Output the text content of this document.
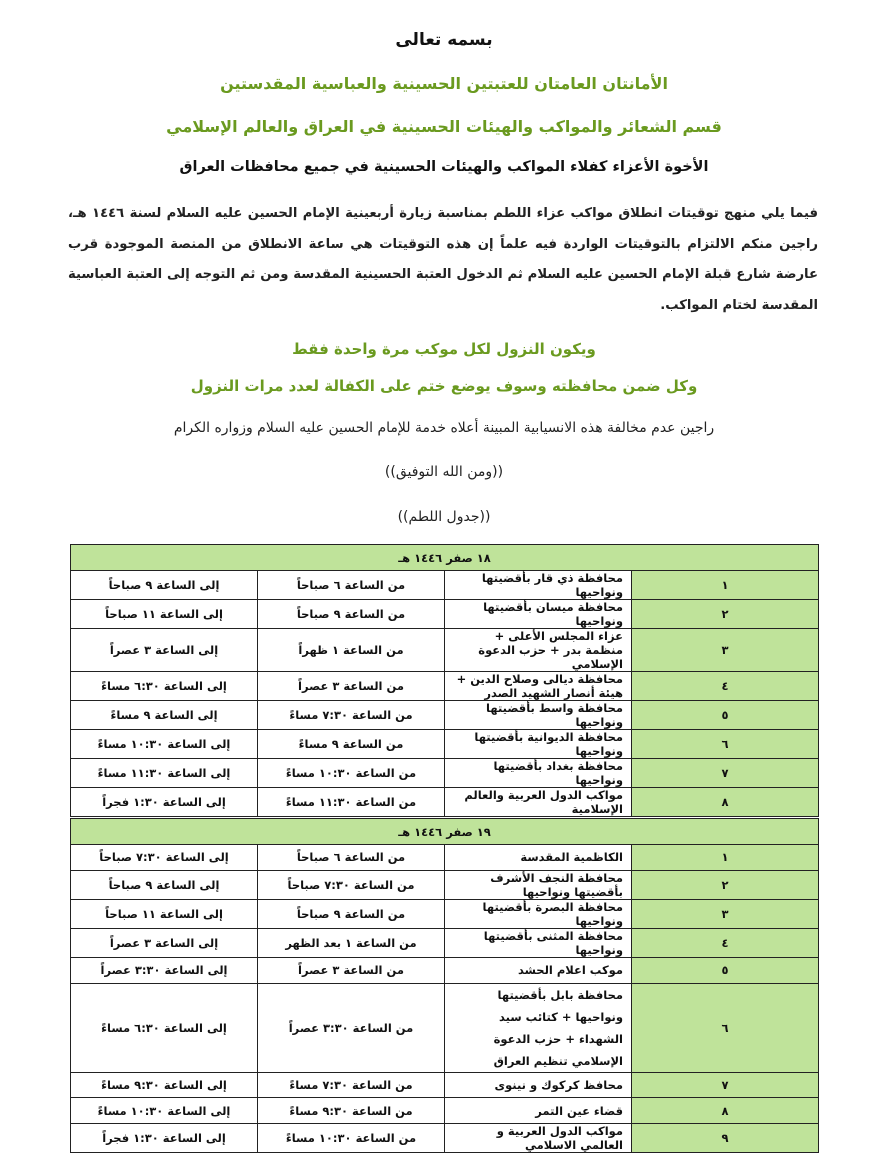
بسمه تعالى
الأمانتان العامتان للعتبتين الحسينية والعباسية المقدستين
قسم الشعائر والمواكب والهيئات الحسينية في العراق والعالم الإسلامي
الأخوة الأعزاء كفلاء المواكب والهيئات الحسينية في جميع محافظات العراق
فيما يلي منهج توقيتات انطلاق مواكب عزاء اللطم بمناسبة زيارة أربعينية الإمام الحسين عليه السلام لسنة ١٤٤٦ هـ، راجين منكم الالتزام بالتوقيتات الواردة فيه علماً إن هذه التوقيتات هي ساعة الانطلاق من المنصة الموجودة قرب عارضة شارع قبلة الإمام الحسين عليه السلام ثم الدخول العتبة الحسينية المقدسة ومن ثم التوجه إلى العتبة العباسية المقدسة لختام المواكب.
ويكون النزول لكل موكب مرة واحدة فقط
وكل ضمن محافظته وسوف يوضع ختم على الكفالة لعدد مرات النزول
راجين عدم مخالفة هذه الانسيابية المبينة أعلاه خدمة للإمام الحسين عليه السلام وزواره الكرام
((ومن الله التوفيق))
((جدول اللطم))
١٨ صفر ١٤٤٦ هـ			
١	محافظة ذي قار بأقضيتها ونواحيها	من الساعة ٦ صباحاً	إلى الساعة ٩ صباحاً
٢	محافظة ميسان بأقضيتها ونواحيها	من الساعة ٩ صباحاً	إلى الساعة ١١ صباحاً
٣	عزاء المجلس الأعلى + منظمة بدر + حزب الدعوة الإسلامي	من الساعة ١ ظهراً	إلى الساعة ٣ عصراً
٤	محافظة ديالى وصلاح الدين + هيئة أنصار الشهيد الصدر	من الساعة ٣ عصراً	إلى الساعة ٦:٣٠ مساءً
٥	محافظة واسط بأقضيتها ونواحيها	من الساعة ٧:٣٠ مساءً	إلى الساعة ٩ مساءً
٦	محافظة الديوانية بأقضيتها ونواحيها	من الساعة ٩ مساءً	إلى الساعة ١٠:٣٠ مساءً
٧	محافظة بغداد بأقضيتها ونواحيها	من الساعة ١٠:٣٠ مساءً	إلى الساعة ١١:٣٠ مساءً
٨	مواكب الدول العربية والعالم الإسلامية	من الساعة ١١:٣٠ مساءً	إلى الساعة ١:٣٠ فجراً
١٩ صفر ١٤٤٦ هـ			
١	الكاظمية المقدسة	من الساعة ٦ صباحاً	إلى الساعة ٧:٣٠ صباحاً
٢	محافظة النجف الأشرف بأقضيتها ونواحيها	من الساعة ٧:٣٠ صباحاً	إلى الساعة ٩ صباحاً
٣	محافظة البصرة بأقضيتها ونواحيها	من الساعة ٩ صباحاً	إلى الساعة ١١ صباحاً
٤	محافظة المثنى بأقضيتها ونواحيها	من الساعة ١ بعد الظهر	إلى الساعة ٣ عصراً
٥	موكب اعلام الحشد	من الساعة ٣ عصراً	إلى الساعة ٣:٣٠ عصراً
٦	محافظة بابل بأقضيتها ونواحيها + كتائب سيد الشهداء + حزب الدعوة الإسلامي تنظيم العراق	من الساعة ٣:٣٠ عصراً	إلى الساعة ٦:٣٠ مساءً
٧	محافظ كركوك و نينوى	من الساعة ٧:٣٠ مساءً	إلى الساعة ٩:٣٠ مساءً
٨	قضاء عين التمر	من الساعة ٩:٣٠ مساءً	إلى الساعة ١٠:٣٠ مساءً
٩	مواكب الدول العربية و العالمي الاسلامي	من الساعة ١٠:٣٠ مساءً	إلى الساعة ١:٣٠ فجراً
